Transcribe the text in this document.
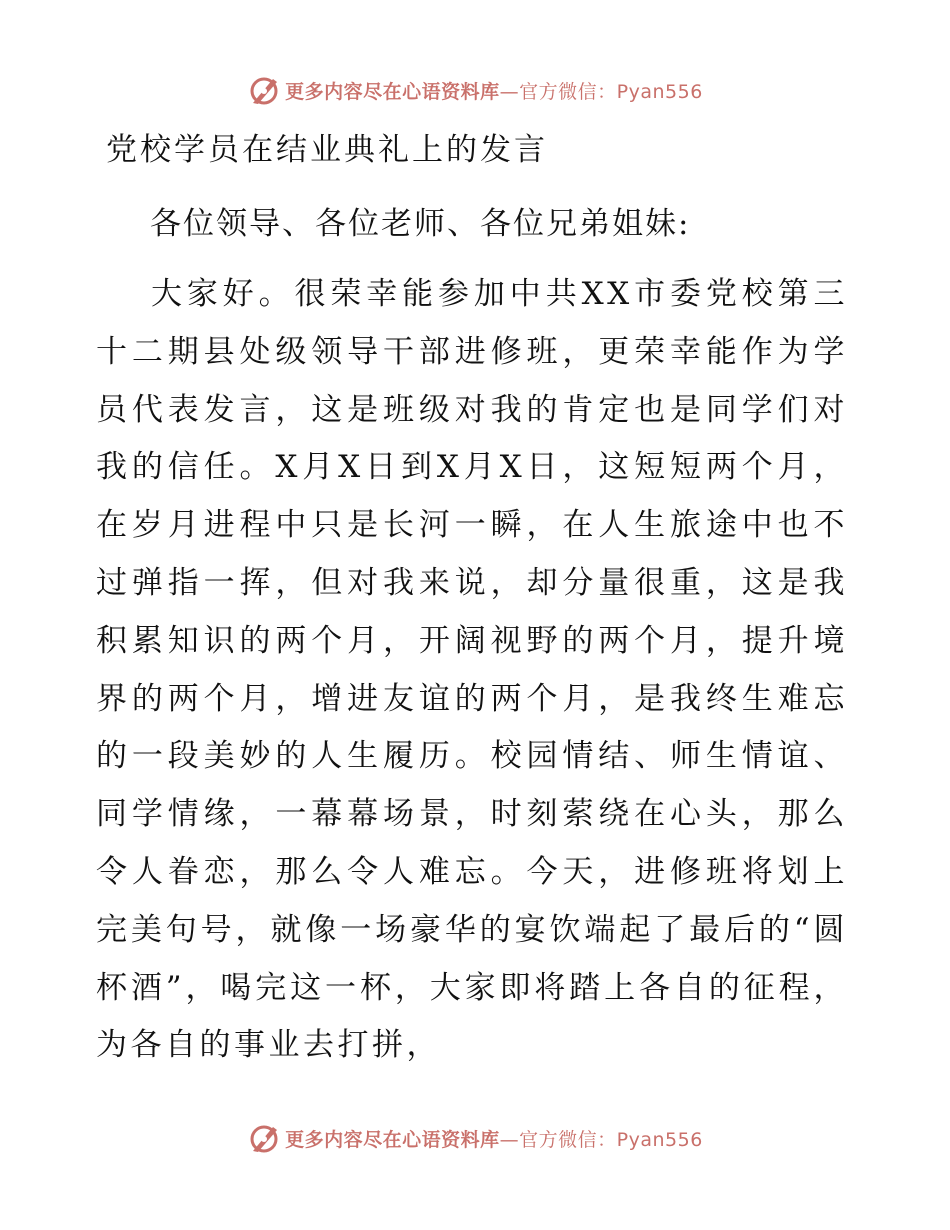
更多内容尽在心语资料库—官方微信：Pyan556
党校学员在结业典礼上的发言
各位领导、各位老师、各位兄弟姐妹:

大家好。很荣幸能参加中共XX市委党校第三十二期县处级领导干部进修班，更荣幸能作为学员代表发言，这是班级对我的肯定也是同学们对我的信任。X月X日到X月X日，这短短两个月，在岁月进程中只是长河一瞬，在人生旅途中也不过弹指一挥，但对我来说，却分量很重，这是我积累知识的两个月，开阔视野的两个月，提升境界的两个月，增进友谊的两个月，是我终生难忘的一段美妙的人生履历。校园情结、师生情谊、同学情缘，一幕幕场景，时刻萦绕在心头，那么令人眷恋，那么令人难忘。今天，进修班将划上完美句号，就像一场豪华的宴饮端起了最后的“圆杯酒”，喝完这一杯，大家即将踏上各自的征程，为各自的事业去打拼，

更多内容尽在心语资料库—官方微信：Pyan556
